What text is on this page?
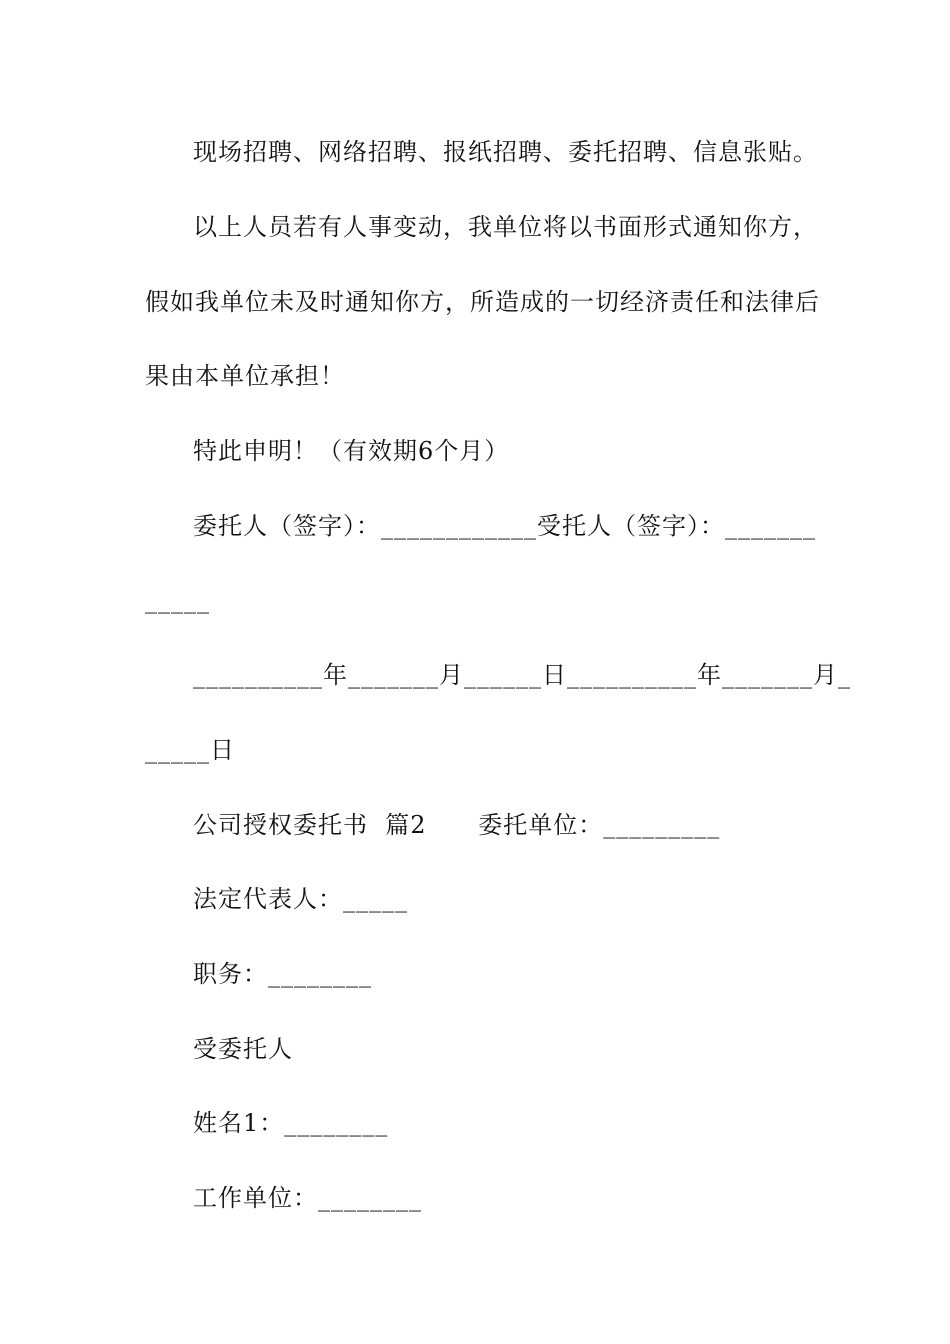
现场招聘、网络招聘、报纸招聘、委托招聘、信息张贴。
以上人员若有人事变动，我单位将以书面形式通知你方，
假如我单位未及时通知你方，所造成的一切经济责任和法律后
果由本单位承担！
特此申明！（有效期6个月）
委托人（签字）：____________受托人（签字）：_______
_____
__________年_______月______日__________年_______月_
_____日
公司授权委托书  篇2      委托单位：_________
法定代表人：_____
职务：________
受委托人
姓名1：________
工作单位：________
